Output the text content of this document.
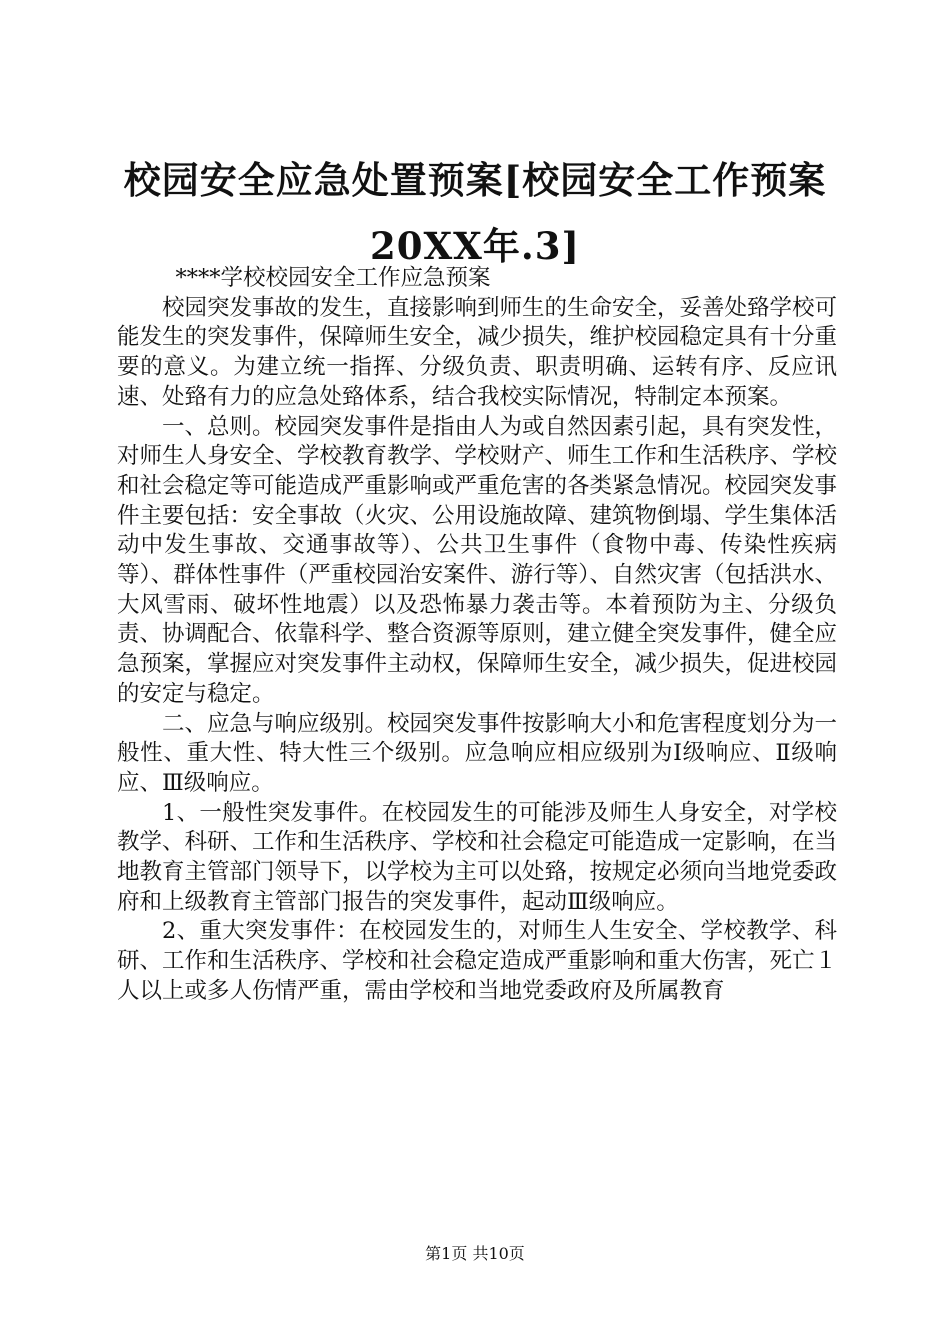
校园安全应急处置预案[校园安全工作预案
20XX年.3]

****学校校园安全工作应急预案

校园突发事故的发生，直接影响到师生的生命安全，妥善处臵学校可能发生的突发事件，保障师生安全，减少损失，维护校园稳定具有十分重要的意义。为建立统一指挥、分级负责、职责明确、运转有序、反应讯速、处臵有力的应急处臵体系，结合我校实际情况，特制定本预案。

一、总则。校园突发事件是指由人为或自然因素引起，具有突发性，对师生人身安全、学校教育教学、学校财产、师生工作和生活秩序、学校和社会稳定等可能造成严重影响或严重危害的各类紧急情况。校园突发事件主要包括：安全事故（火灾、公用设施故障、建筑物倒塌、学生集体活动中发生事故、交通事故等）、公共卫生事件（食物中毒、传染性疾病等）、群体性事件（严重校园治安案件、游行等）、自然灾害（包括洪水、大风雪雨、破坏性地震）以及恐怖暴力袭击等。本着预防为主、分级负责、协调配合、依靠科学、整合资源等原则，建立健全突发事件，健全应急预案，掌握应对突发事件主动权，保障师生安全，减少损失，促进校园的安定与稳定。

二、应急与响应级别。校园突发事件按影响大小和危害程度划分为一般性、重大性、特大性三个级别。应急响应相应级别为Ⅰ级响应、Ⅱ级响应、Ⅲ级响应。

1、一般性突发事件。在校园发生的可能涉及师生人身安全，对学校教学、科研、工作和生活秩序、学校和社会稳定可能造成一定影响，在当地教育主管部门领导下，以学校为主可以处臵，按规定必须向当地党委政府和上级教育主管部门报告的突发事件，起动Ⅲ级响应。

2、重大突发事件：在校园发生的，对师生人生安全、学校教学、科研、工作和生活秩序、学校和社会稳定造成严重影响和重大伤害，死亡１人以上或多人伤情严重，需由学校和当地党委政府及所属教育

第1页 共10页
